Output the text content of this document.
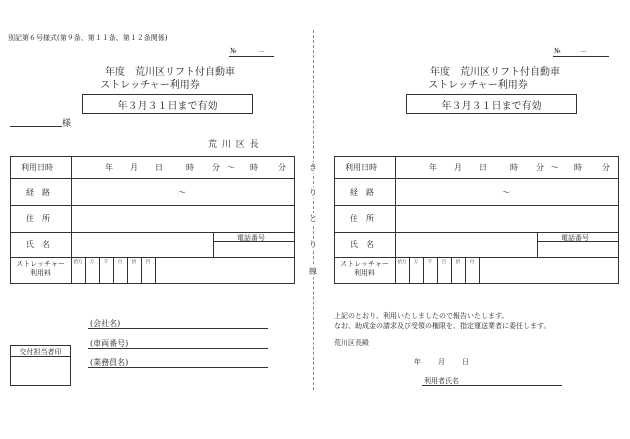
別記第６号様式(第９条、第１１条、第１２条関係)
№	－
年度　荒川区リフト付自動車
ストレッチャー利用券
年３月３１日まで有効
様
荒 川 区 長
利用日時	年 月 日	時 分 ～ 時	分
経　路	～
住　所
氏　名
電話番号
ストレッチャー
利用料
拾万	万	千	百	拾	円
(会社名)
(車両番号)
(業務員名)
交付担当者印
き
り
と
り
線
№	－
年度　荒川区リフト付自動車
ストレッチャー利用券
年３月３１日まで有効
利用日時	年 月 日	時 分 ～ 時	分
経　路	～
住　所
氏　名
電話番号
ストレッチャー
利用料
拾万	万	千	百	拾	円
上記のとおり、利用いたしましたので報告いたします。
なお、助成金の請求及び受領の権限を、指定運送業者に委任します。
荒川区長殿
年 月 日
利用者氏名
